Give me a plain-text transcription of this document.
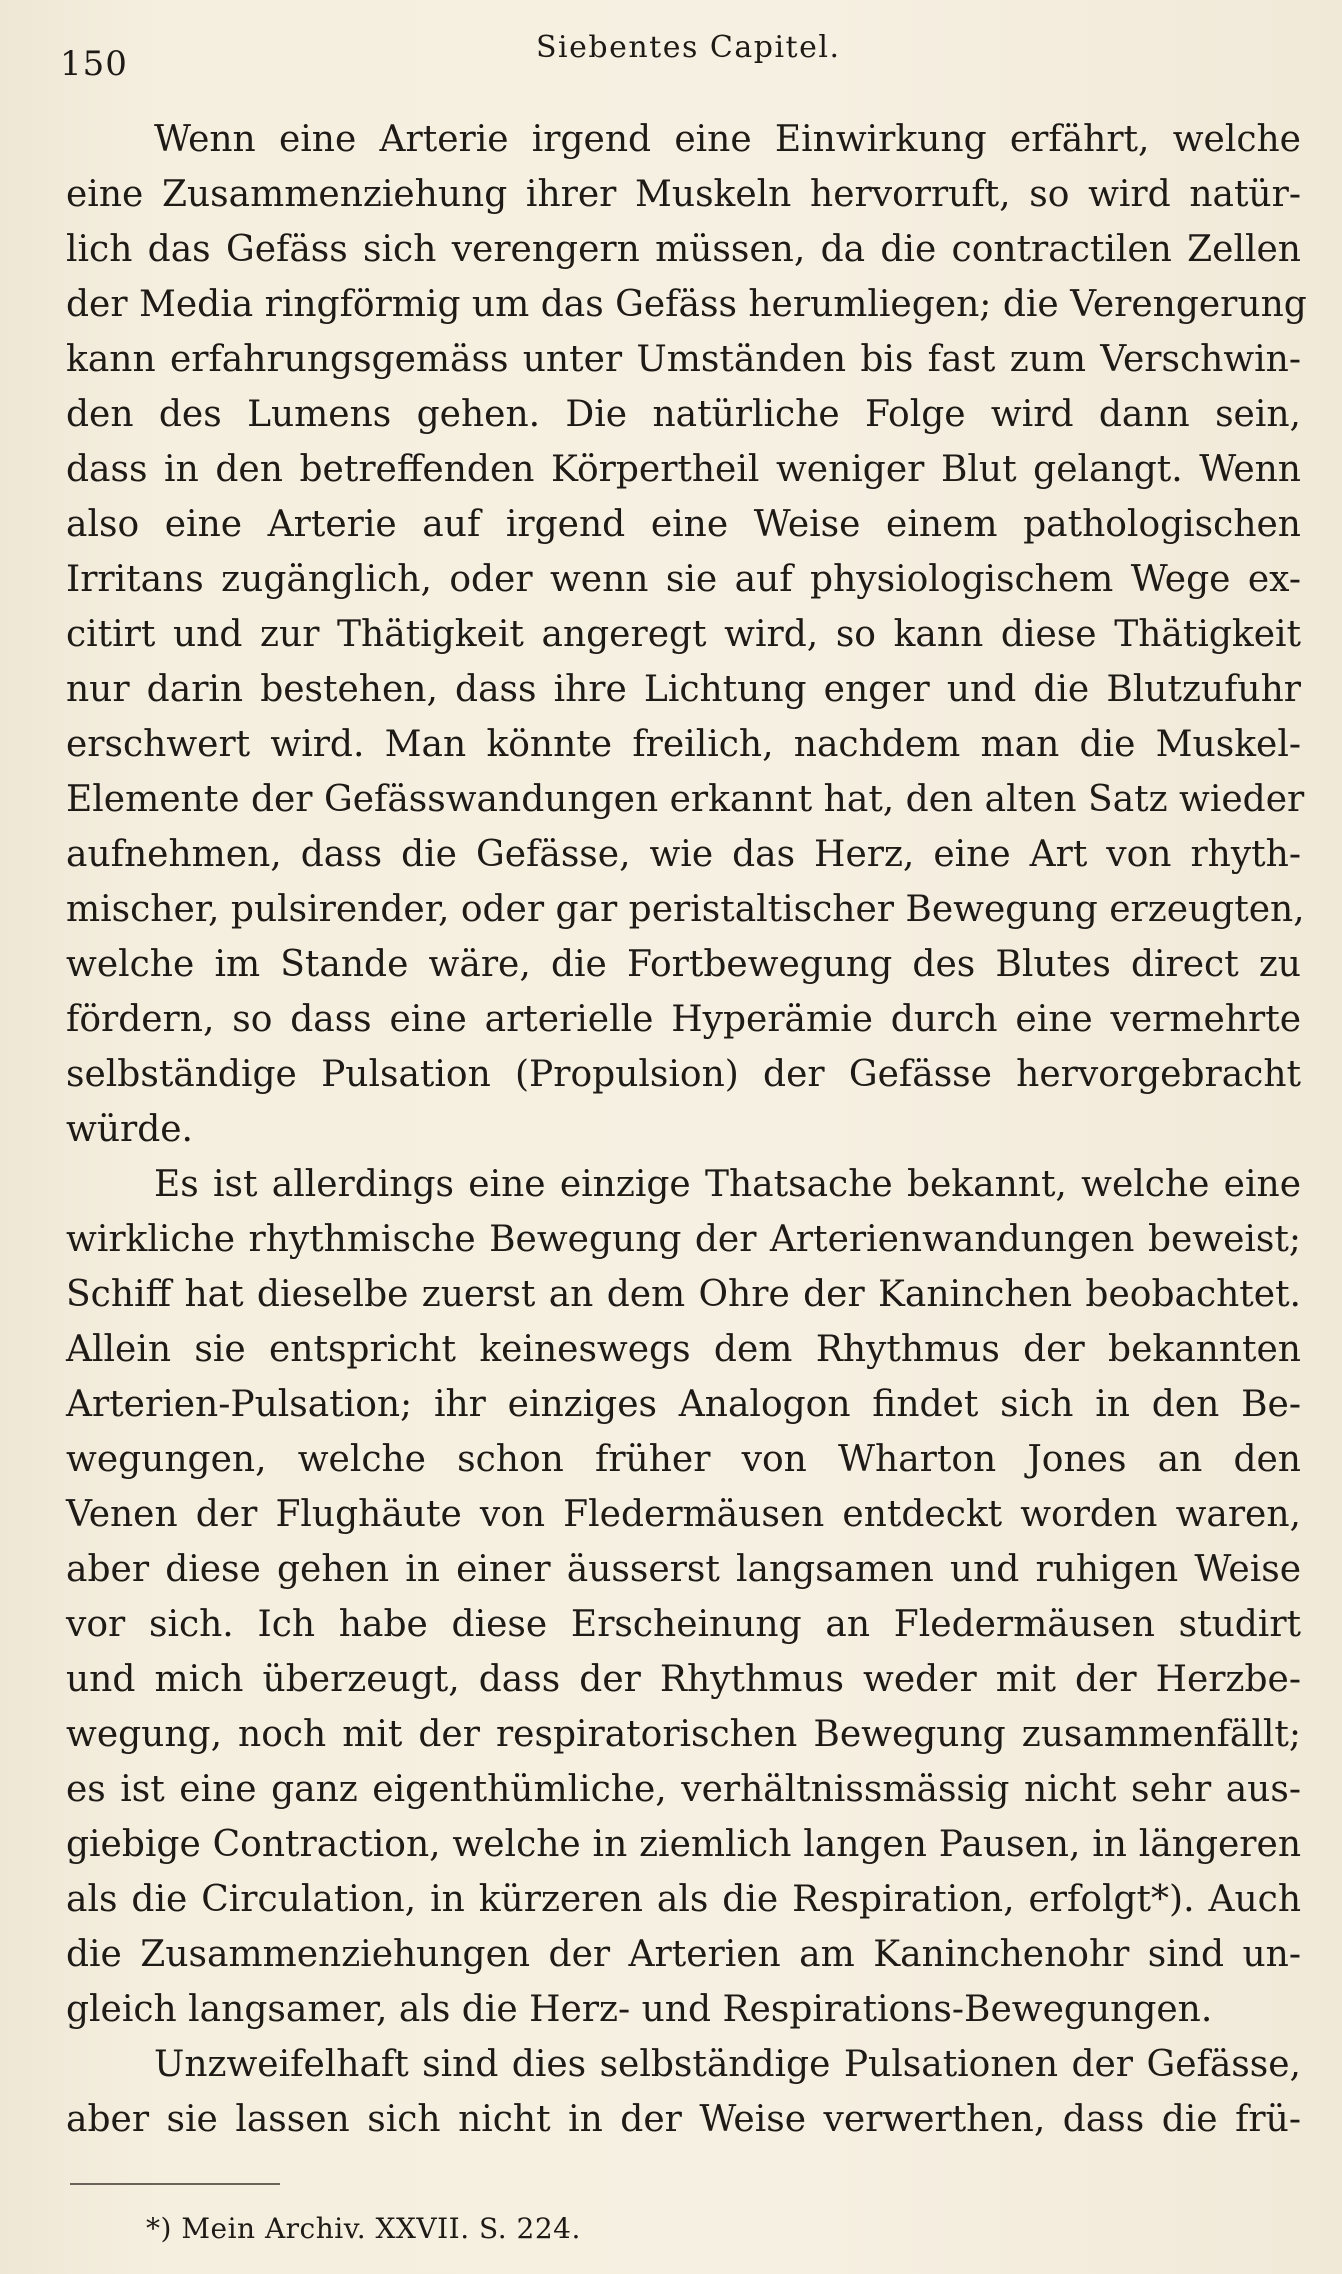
150	Siebentes Capitel.
Wenn eine Arterie irgend eine Einwirkung erfährt, welche
eine Zusammenziehung ihrer Muskeln hervorruft, so wird natür-
lich das Gefäss sich verengern müssen, da die contractilen Zellen
der Media ringförmig um das Gefäss herumliegen; die Verengerung
kann erfahrungsgemäss unter Umständen bis fast zum Verschwin-
den des Lumens gehen. Die natürliche Folge wird dann sein,
dass in den betreffenden Körpertheil weniger Blut gelangt. Wenn
also eine Arterie auf irgend eine Weise einem pathologischen
Irritans zugänglich, oder wenn sie auf physiologischem Wege ex-
citirt und zur Thätigkeit angeregt wird, so kann diese Thätigkeit
nur darin bestehen, dass ihre Lichtung enger und die Blutzufuhr
erschwert wird. Man könnte freilich, nachdem man die Muskel-
Elemente der Gefässwandungen erkannt hat, den alten Satz wieder
aufnehmen, dass die Gefässe, wie das Herz, eine Art von rhyth-
mischer, pulsirender, oder gar peristaltischer Bewegung erzeugten,
welche im Stande wäre, die Fortbewegung des Blutes direct zu
fördern, so dass eine arterielle Hyperämie durch eine vermehrte
selbständige Pulsation (Propulsion) der Gefässe hervorgebracht
würde.
Es ist allerdings eine einzige Thatsache bekannt, welche eine
wirkliche rhythmische Bewegung der Arterienwandungen beweist;
Schiff hat dieselbe zuerst an dem Ohre der Kaninchen beobachtet.
Allein sie entspricht keineswegs dem Rhythmus der bekannten
Arterien-Pulsation; ihr einziges Analogon findet sich in den Be-
wegungen, welche schon früher von Wharton Jones an den
Venen der Flughäute von Fledermäusen entdeckt worden waren,
aber diese gehen in einer äusserst langsamen und ruhigen Weise
vor sich. Ich habe diese Erscheinung an Fledermäusen studirt
und mich überzeugt, dass der Rhythmus weder mit der Herzbe-
wegung, noch mit der respiratorischen Bewegung zusammenfällt;
es ist eine ganz eigenthümliche, verhältnissmässig nicht sehr aus-
giebige Contraction, welche in ziemlich langen Pausen, in längeren
als die Circulation, in kürzeren als die Respiration, erfolgt*). Auch
die Zusammenziehungen der Arterien am Kaninchenohr sind un-
gleich langsamer, als die Herz- und Respirations-Bewegungen.
Unzweifelhaft sind dies selbständige Pulsationen der Gefässe,
aber sie lassen sich nicht in der Weise verwerthen, dass die frü-
*) Mein Archiv. XXVII. S. 224.
